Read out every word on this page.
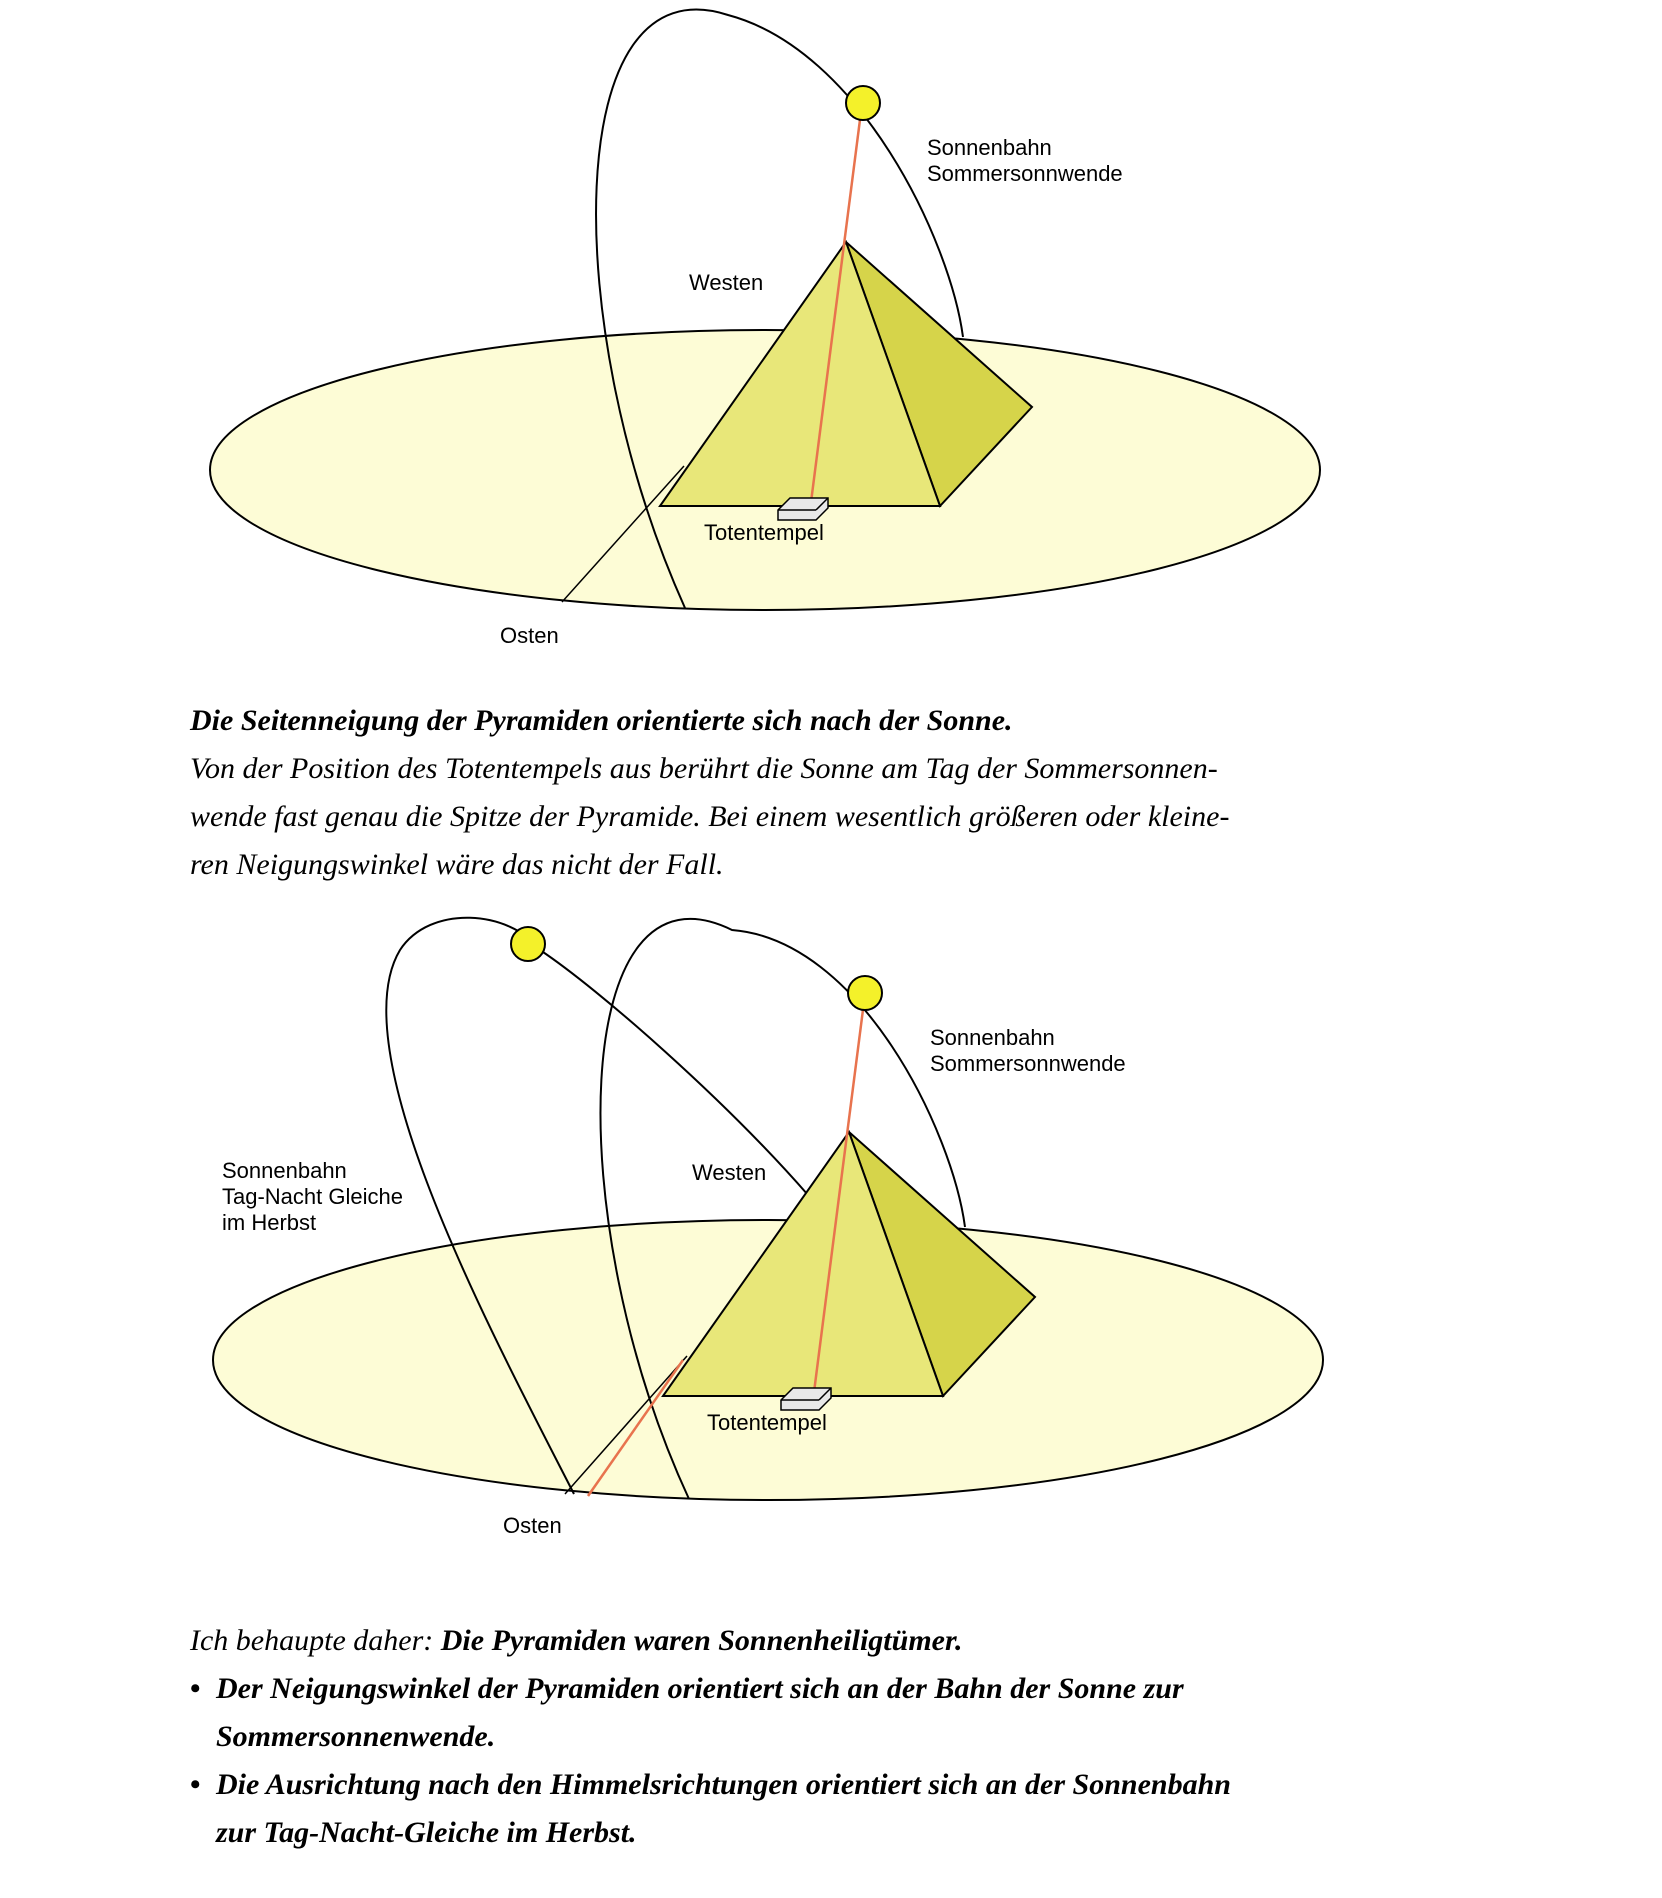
Sonnenbahn
Sommersonnwende
Westen
Totentempel
Osten

Die Seitenneigung der Pyramiden orientierte sich nach der Sonne.

Von der Position des Totentempels aus berührt die Sonne am Tag der Sommersonnen-

wende fast genau die Spitze der Pyramide. Bei einem wesentlich größeren oder kleine-

ren Neigungswinkel wäre das nicht der Fall.

Sonnenbahn
Sommersonnwende
Sonnenbahn
Tag-Nacht Gleiche
im Herbst
Westen
Totentempel
Osten

Ich behaupte daher: Die Pyramiden waren Sonnenheiligtümer.

• Der Neigungswinkel der Pyramiden orientiert sich an der Bahn der Sonne zur
Sommersonnenwende.
• Die Ausrichtung nach den Himmelsrichtungen orientiert sich an der Sonnenbahn
zur Tag-Nacht-Gleiche im Herbst.
